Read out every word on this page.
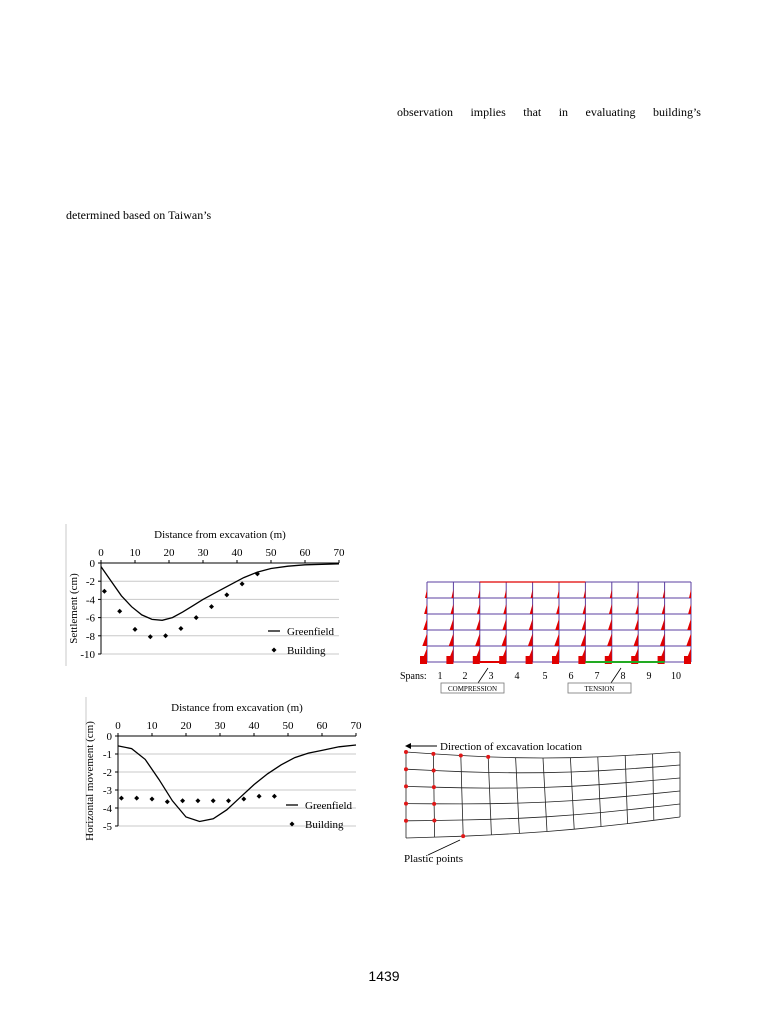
observation implies that in evaluating building’s
determined based on Taiwan’s
Distance from excavation (m)
0
-2
-4
-6
-8
-10
0 10 20 30 40 50 60 70
Settlement (cm)	Greenfield
Building
Distance from excavation (m)
0
-1
-2
-3
-4
-5
0 10 20 30 40 50 60 70
Horizontal movement (cm)	Greenfield
Building
Spans: 1 2 3 4 5 6 7 8 9 10
COMPRESSION	TENSION
Direction of excavation location
Plastic points
1439
